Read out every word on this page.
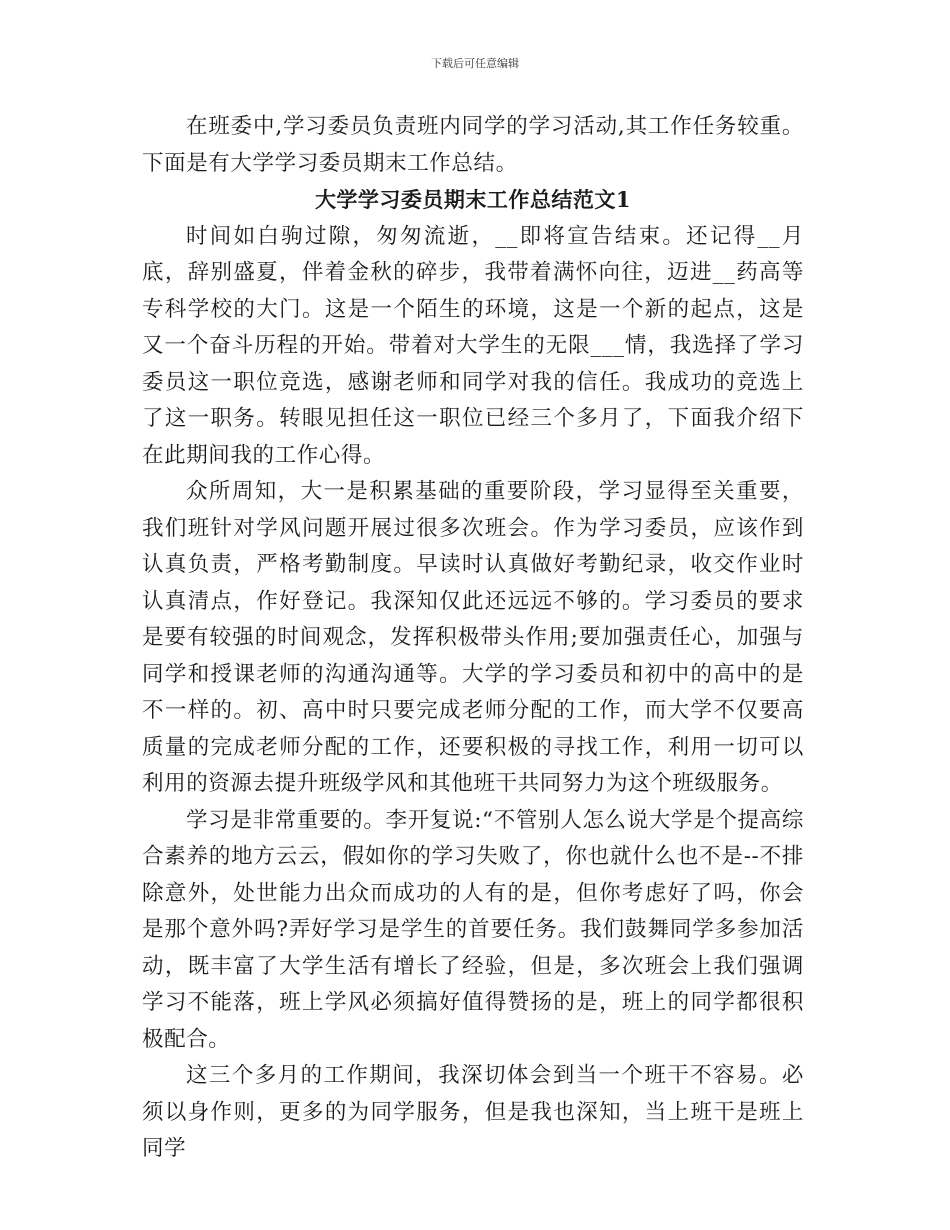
下载后可任意编辑

在班委中,学习委员负责班内同学的学习活动,其工作任务较重。下面是有大学学习委员期末工作总结。

大学学习委员期末工作总结范文1

时间如白驹过隙，匆匆流逝，__即将宣告结束。还记得__月底，辞别盛夏，伴着金秋的碎步，我带着满怀向往，迈进__药高等专科学校的大门。这是一个陌生的环境，这是一个新的起点，这是又一个奋斗历程的开始。带着对大学生的无限___情，我选择了学习委员这一职位竞选，感谢老师和同学对我的信任。我成功的竞选上了这一职务。转眼见担任这一职位已经三个多月了，下面我介绍下在此期间我的工作心得。

众所周知，大一是积累基础的重要阶段，学习显得至关重要，我们班针对学风问题开展过很多次班会。作为学习委员，应该作到认真负责，严格考勤制度。早读时认真做好考勤纪录，收交作业时认真清点，作好登记。我深知仅此还远远不够的。学习委员的要求是要有较强的时间观念，发挥积极带头作用;要加强责任心，加强与同学和授课老师的沟通沟通等。大学的学习委员和初中的高中的是不一样的。初、高中时只要完成老师分配的工作，而大学不仅要高质量的完成老师分配的工作，还要积极的寻找工作，利用一切可以利用的资源去提升班级学风和其他班干共同努力为这个班级服务。

学习是非常重要的。李开复说:“不管别人怎么说大学是个提高综合素养的地方云云，假如你的学习失败了，你也就什么也不是--不排除意外，处世能力出众而成功的人有的是，但你考虑好了吗，你会是那个意外吗?弄好学习是学生的首要任务。我们鼓舞同学多参加活动，既丰富了大学生活有增长了经验，但是，多次班会上我们强调学习不能落，班上学风必须搞好值得赞扬的是，班上的同学都很积极配合。

这三个多月的工作期间，我深切体会到当一个班干不容易。必须以身作则，更多的为同学服务，但是我也深知，当上班干是班上同学
